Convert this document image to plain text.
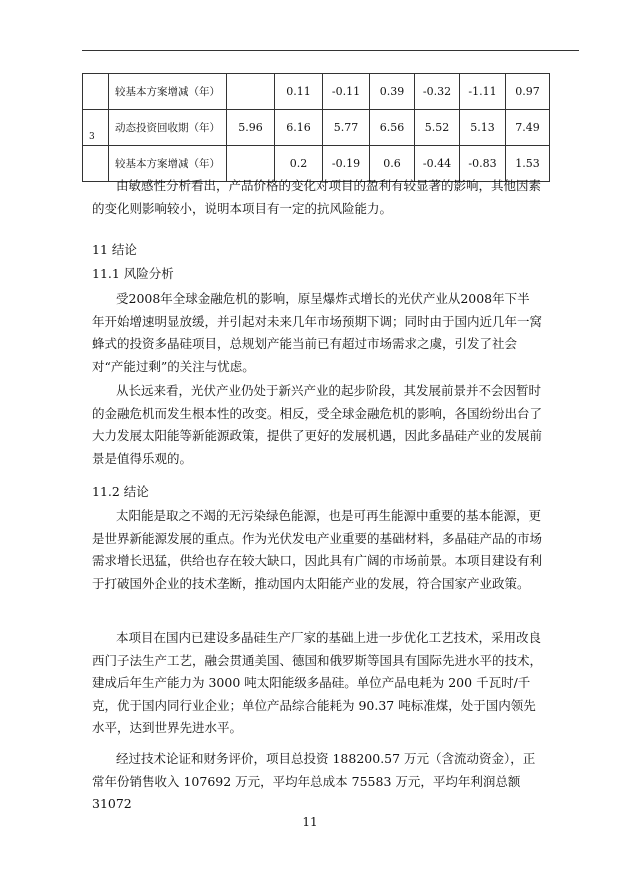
	较基本方案增减（年）		0.11	-0.11	0.39	-0.32	-1.11	0.97
3	动态投资回收期（年）	5.96	6.16	5.77	6.56	5.52	5.13	7.49
	较基本方案增减（年）		0.2	-0.19	0.6	-0.44	-0.83	1.53

由敏感性分析看出，产品价格的变化对项目的盈利有较显著的影响，其他因素的变化则影响较小，说明本项目有一定的抗风险能力。

11 结论

11.1 风险分析

受2008年全球金融危机的影响，原呈爆炸式增长的光伏产业从2008年下半年开始增速明显放缓，并引起对未来几年市场预期下调；同时由于国内近几年一窝蜂式的投资多晶硅项目，总规划产能当前已有超过市场需求之虞，引发了社会对“产能过剩”的关注与忧虑。

从长远来看，光伏产业仍处于新兴产业的起步阶段，其发展前景并不会因暂时的金融危机而发生根本性的改变。相反，受全球金融危机的影响，各国纷纷出台了大力发展太阳能等新能源政策，提供了更好的发展机遇，因此多晶硅产业的发展前景是值得乐观的。

11.2 结论

太阳能是取之不竭的无污染绿色能源，也是可再生能源中重要的基本能源，更是世界新能源发展的重点。作为光伏发电产业重要的基础材料，多晶硅产品的市场需求增长迅猛，供给也存在较大缺口，因此具有广阔的市场前景。本项目建设有利于打破国外企业的技术垄断，推动国内太阳能产业的发展，符合国家产业政策。

本项目在国内已建设多晶硅生产厂家的基础上进一步优化工艺技术，采用改良西门子法生产工艺，融会贯通美国、德国和俄罗斯等国具有国际先进水平的技术，建成后年生产能力为 3000 吨太阳能级多晶硅。单位产品电耗为 200 千瓦时/千克，优于国内同行业企业；单位产品综合能耗为 90.37 吨标准煤，处于国内领先水平，达到世界先进水平。

经过技术论证和财务评价，项目总投资 188200.57 万元（含流动资金），正常年份销售收入 107692 万元，平均年总成本 75583 万元，平均年利润总额 31072

11
